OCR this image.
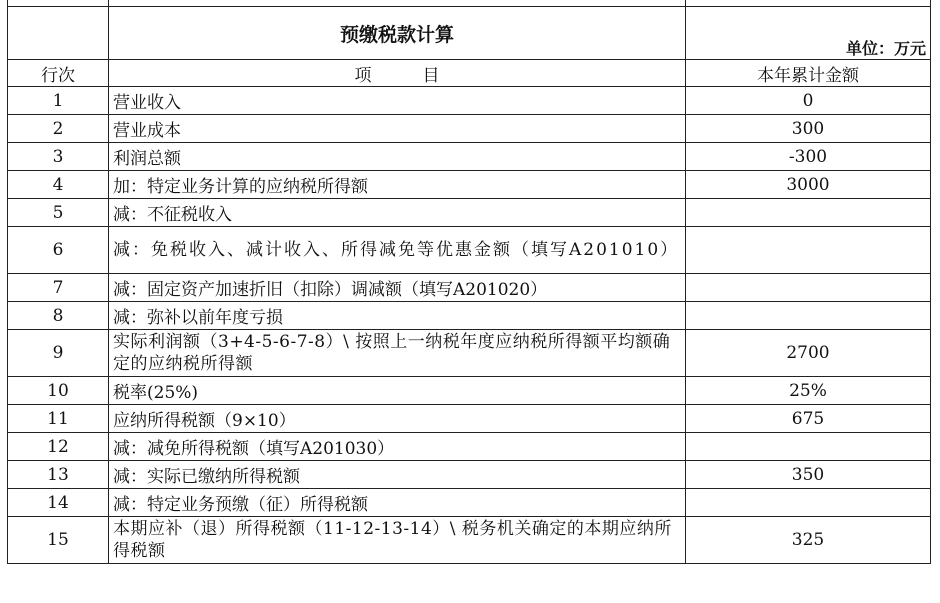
	预缴税款计算	单位：万元
行次	项　　　目	本年累计金额
1	营业收入	0
2	营业成本	300
3	利润总额	-300
4	加：特定业务计算的应纳税所得额	3000
5	减：不征税收入	
6	减：免税收入、减计收入、所得减免等优惠金额（填写A201010）	

7	减：固定资产加速折旧（扣除）调减额（填写A201020）	
8	减：弥补以前年度亏损	
9	实际利润额（3+4-5-6-7-8）\ 按照上一纳税年度应纳税所得额平均额确定的应纳税所得额	2700
10	税率(25%)	25%
11	应纳所得税额（9×10）	675
12	减：减免所得税额（填写A201030）	
13	减：实际已缴纳所得税额	350
14	减：特定业务预缴（征）所得税额	
15	本期应补（退）所得税额（11-12-13-14）\ 税务机关确定的本期应纳所得税额	325
